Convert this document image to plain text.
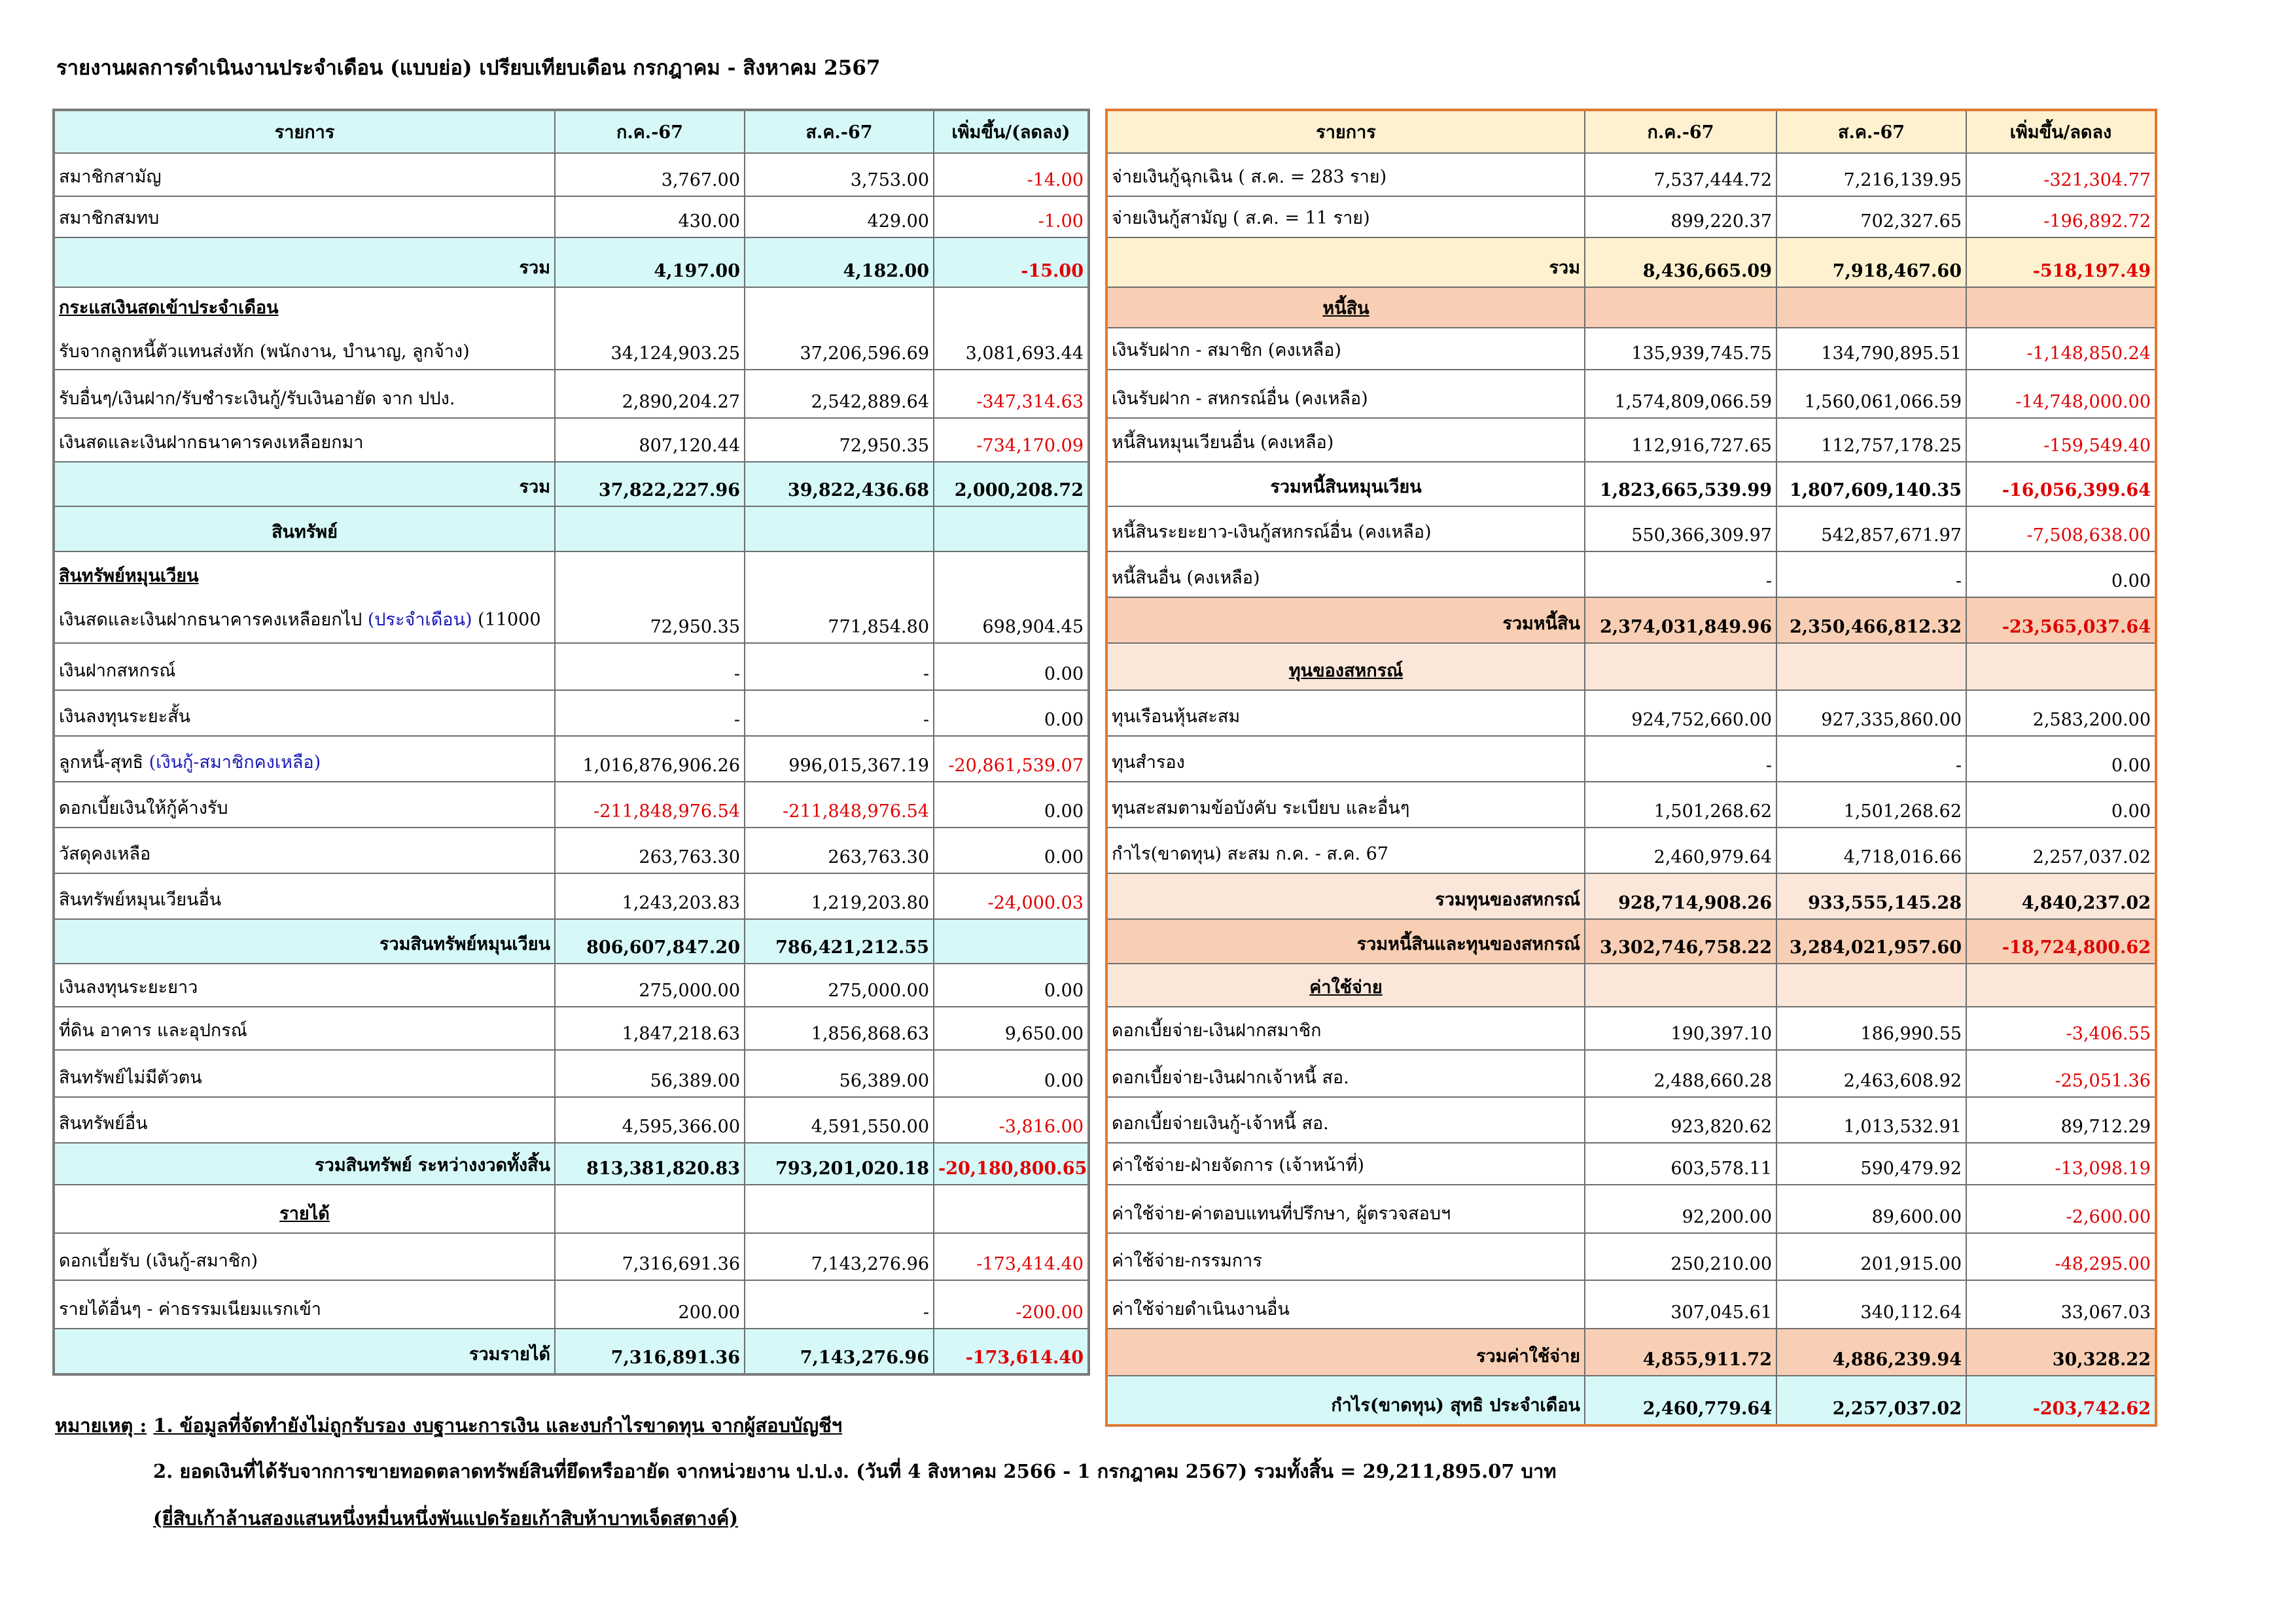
รายงานผลการดำเนินงานประจำเดือน (แบบย่อ) เปรียบเทียบเดือน กรกฎาคม - สิงหาคม 2567
รายการ	ก.ค.-67	ส.ค.-67	เพิ่มขึ้น/(ลดลง)
สมาชิกสามัญ	3,767.00	3,753.00	-14.00
สมาชิกสมทบ	430.00	429.00	-1.00
รวม	4,197.00	4,182.00	-15.00

กระแสเงินสดเข้าประจำเดือน
รับจากลูกหนี้ตัวแทนส่งหัก (พนักงาน, บำนาญ, ลูกจ้าง)	34,124,903.25	37,206,596.69	3,081,693.44
รับอื่นๆ/เงินฝาก/รับชำระเงินกู้/รับเงินอายัด จาก ปปง.	2,890,204.27	2,542,889.64	-347,314.63
เงินสดและเงินฝากธนาคารคงเหลือยกมา	807,120.44	72,950.35	-734,170.09
รวม	37,822,227.96	39,822,436.68	2,000,208.72
สินทรัพย์			

สินทรัพย์หมุนเวียน
เงินสดและเงินฝากธนาคารคงเหลือยกไป (ประจำเดือน) (11000	72,950.35	771,854.80	698,904.45
เงินฝากสหกรณ์	-	-	0.00
เงินลงทุนระยะสั้น	-	-	0.00
ลูกหนี้-สุทธิ (เงินกู้-สมาชิกคงเหลือ)	1,016,876,906.26	996,015,367.19	-20,861,539.07
ดอกเบี้ยเงินให้กู้ค้างรับ	-211,848,976.54	-211,848,976.54	0.00
วัสดุคงเหลือ	263,763.30	263,763.30	0.00
สินทรัพย์หมุนเวียนอื่น	1,243,203.83	1,219,203.80	-24,000.03
รวมสินทรัพย์หมุนเวียน	806,607,847.20	786,421,212.55	
เงินลงทุนระยะยาว	275,000.00	275,000.00	0.00
ที่ดิน อาคาร และอุปกรณ์	1,847,218.63	1,856,868.63	9,650.00
สินทรัพย์ไม่มีตัวตน	56,389.00	56,389.00	0.00
สินทรัพย์อื่น	4,595,366.00	4,591,550.00	-3,816.00
รวมสินทรัพย์ ระหว่างงวดทั้งสิ้น	813,381,820.83	793,201,020.18	-20,180,800.65
รายได้			
ดอกเบี้ยรับ (เงินกู้-สมาชิก)	7,316,691.36	7,143,276.96	-173,414.40
รายได้อื่นๆ - ค่าธรรมเนียมแรกเข้า	200.00	-	-200.00
รวมรายได้	7,316,891.36	7,143,276.96	-173,614.40
รายการ	ก.ค.-67	ส.ค.-67	เพิ่มขึ้น/ลดลง
จ่ายเงินกู้ฉุกเฉิน ( ส.ค. = 283 ราย)	7,537,444.72	7,216,139.95	-321,304.77
จ่ายเงินกู้สามัญ ( ส.ค. = 11 ราย)	899,220.37	702,327.65	-196,892.72
รวม	8,436,665.09	7,918,467.60	-518,197.49
หนี้สิน			
เงินรับฝาก - สมาชิก (คงเหลือ)	135,939,745.75	134,790,895.51	-1,148,850.24
เงินรับฝาก - สหกรณ์อื่น (คงเหลือ)	1,574,809,066.59	1,560,061,066.59	-14,748,000.00
หนี้สินหมุนเวียนอื่น (คงเหลือ)	112,916,727.65	112,757,178.25	-159,549.40
รวมหนี้สินหมุนเวียน	1,823,665,539.99	1,807,609,140.35	-16,056,399.64
หนี้สินระยะยาว-เงินกู้สหกรณ์อื่น (คงเหลือ)	550,366,309.97	542,857,671.97	-7,508,638.00
หนี้สินอื่น (คงเหลือ)	-	-	0.00
รวมหนี้สิน	2,374,031,849.96	2,350,466,812.32	-23,565,037.64
ทุนของสหกรณ์			
ทุนเรือนหุ้นสะสม	924,752,660.00	927,335,860.00	2,583,200.00
ทุนสำรอง	-	-	0.00
ทุนสะสมตามข้อบังคับ ระเบียบ และอื่นๆ	1,501,268.62	1,501,268.62	0.00
กำไร(ขาดทุน) สะสม ก.ค. - ส.ค. 67	2,460,979.64	4,718,016.66	2,257,037.02
รวมทุนของสหกรณ์	928,714,908.26	933,555,145.28	4,840,237.02
รวมหนี้สินและทุนของสหกรณ์	3,302,746,758.22	3,284,021,957.60	-18,724,800.62
ค่าใช้จ่าย			
ดอกเบี้ยจ่าย-เงินฝากสมาชิก	190,397.10	186,990.55	-3,406.55
ดอกเบี้ยจ่าย-เงินฝากเจ้าหนี้ สอ.	2,488,660.28	2,463,608.92	-25,051.36
ดอกเบี้ยจ่ายเงินกู้-เจ้าหนี้ สอ.	923,820.62	1,013,532.91	89,712.29
ค่าใช้จ่าย-ฝ่ายจัดการ (เจ้าหน้าที่)	603,578.11	590,479.92	-13,098.19
ค่าใช้จ่าย-ค่าตอบแทนที่ปรึกษา, ผู้ตรวจสอบฯ	92,200.00	89,600.00	-2,600.00
ค่าใช้จ่าย-กรรมการ	250,210.00	201,915.00	-48,295.00
ค่าใช้จ่ายดำเนินงานอื่น	307,045.61	340,112.64	33,067.03
รวมค่าใช้จ่าย	4,855,911.72	4,886,239.94	30,328.22
กำไร(ขาดทุน) สุทธิ ประจำเดือน	2,460,779.64	2,257,037.02	-203,742.62
หมายเหตุ : 1. ข้อมูลที่จัดทำยังไม่ถูกรับรอง งบฐานะการเงิน และงบกำไรขาดทุน จากผู้สอบบัญชีฯ
2. ยอดเงินที่ได้รับจากการขายทอดตลาดทรัพย์สินที่ยึดหรืออายัด จากหน่วยงาน ป.ป.ง. (วันที่ 4 สิงหาคม 2566 - 1 กรกฎาคม 2567) รวมทั้งสิ้น = 29,211,895.07 บาท
(ยี่สิบเก้าล้านสองแสนหนึ่งหมื่นหนึ่งพันแปดร้อยเก้าสิบห้าบาทเจ็ดสตางค์)
